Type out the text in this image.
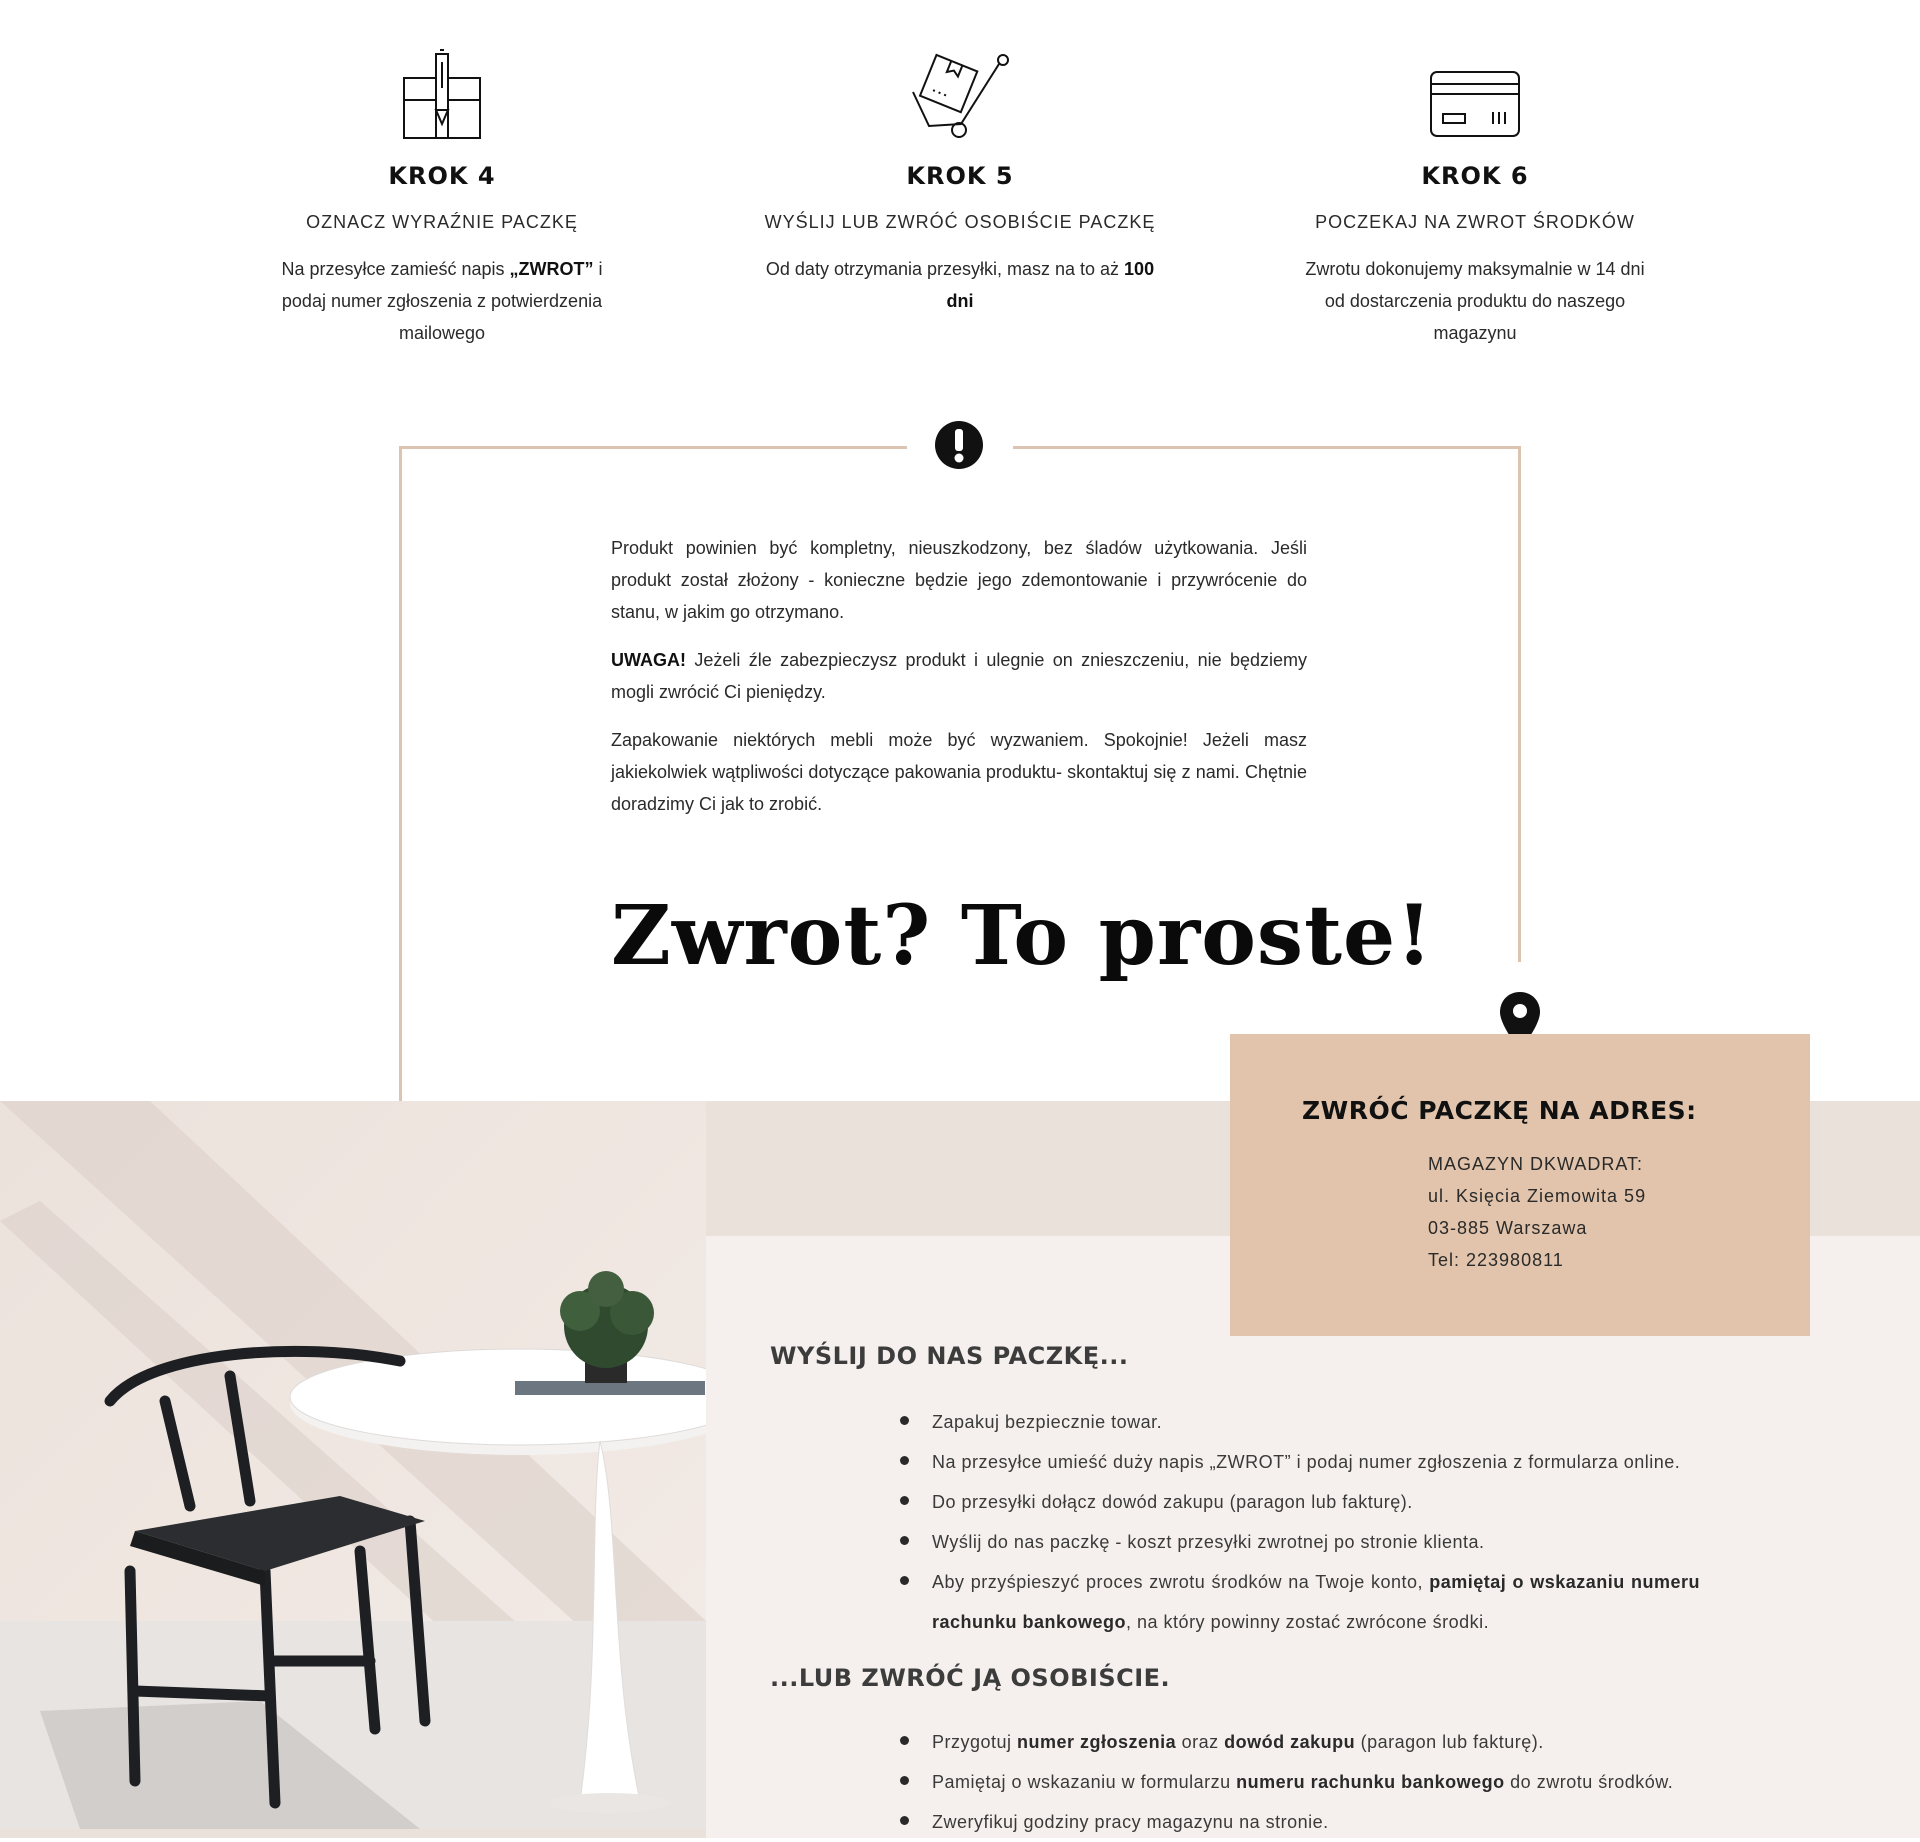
KROK 4
OZNACZ WYRAŹNIE PACZKĘ
Na przesyłce zamieść napis „ZWROT” i podaj numer zgłoszenia z potwierdzenia mailowego
KROK 5
WYŚLIJ LUB ZWRÓĆ OSOBIŚCIE PACZKĘ
Od daty otrzymania przesyłki, masz na to aż 100 dni
KROK 6
POCZEKAJ NA ZWROT ŚRODKÓW
Zwrotu dokonujemy maksymalnie w 14 dni od dostarczenia produktu do naszego magazynu

Produkt powinien być kompletny, nieuszkodzony, bez śladów użytkowania. Jeśli produkt został złożony - konieczne będzie jego zdemontowanie i przywrócenie do stanu, w jakim go otrzymano.

UWAGA! Jeżeli źle zabezpieczysz produkt i ulegnie on znieszczeniu, nie będziemy mogli zwrócić Ci pieniędzy.

Zapakowanie niektórych mebli może być wyzwaniem. Spokojnie! Jeżeli masz jakiekolwiek wątpliwości dotyczące pakowania produktu- skontaktuj się z nami. Chętnie doradzimy Ci jak to zrobić.

Zwrot? To proste!
ZWRÓĆ PACZKĘ NA ADRES:
MAGAZYN DKWADRAT:
ul. Księcia Ziemowita 59
03-885 Warszawa
Tel: 223980811
WYŚLIJ DO NAS PACZKĘ...
Zapakuj bezpiecznie towar.
Na przesyłce umieść duży napis „ZWROT” i podaj numer zgłoszenia z formularza online.
Do przesyłki dołącz dowód zakupu (paragon lub fakturę).
Wyślij do nas paczkę - koszt przesyłki zwrotnej po stronie klienta.
Aby przyśpieszyć proces zwrotu środków na Twoje konto, pamiętaj o wskazaniu numeru rachunku bankowego, na który powinny zostać zwrócone środki.
...LUB ZWRÓĆ JĄ OSOBIŚCIE.
Przygotuj numer zgłoszenia oraz dowód zakupu (paragon lub fakturę).
Pamiętaj o wskazaniu w formularzu numeru rachunku bankowego do zwrotu środków.
Zweryfikuj godziny pracy magazynu na stronie.
